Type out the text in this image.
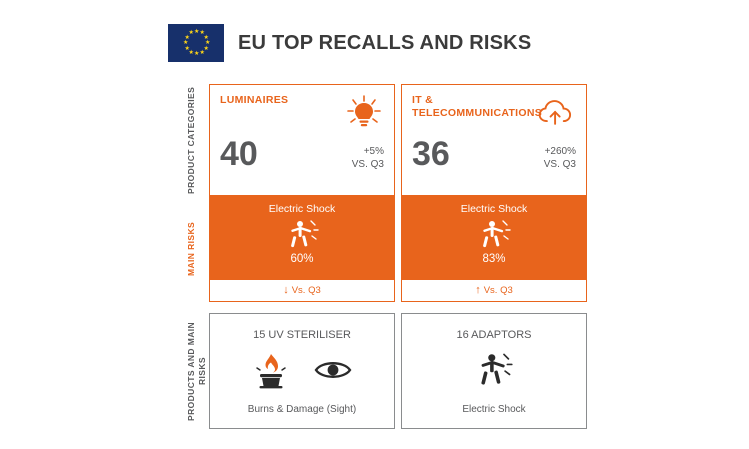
★ ★
★
★
★
★
★
★
★
★
★
★ EU TOP RECALLS AND RISKS
PRODUCT CATEGORIES
MAIN RISKS
PRODUCTS AND MAIN RISKS
LUMINAIRES
40	+5%
VS. Q3
Electric Shock
60%
↓ Vs. Q3
15 UV STERILISER
Burns & Damage (Sight)
IT & TELECOMMUNICATIONS
36	+260%
VS. Q3
Electric Shock
83%
↑ Vs. Q3
16 ADAPTORS
Electric Shock
